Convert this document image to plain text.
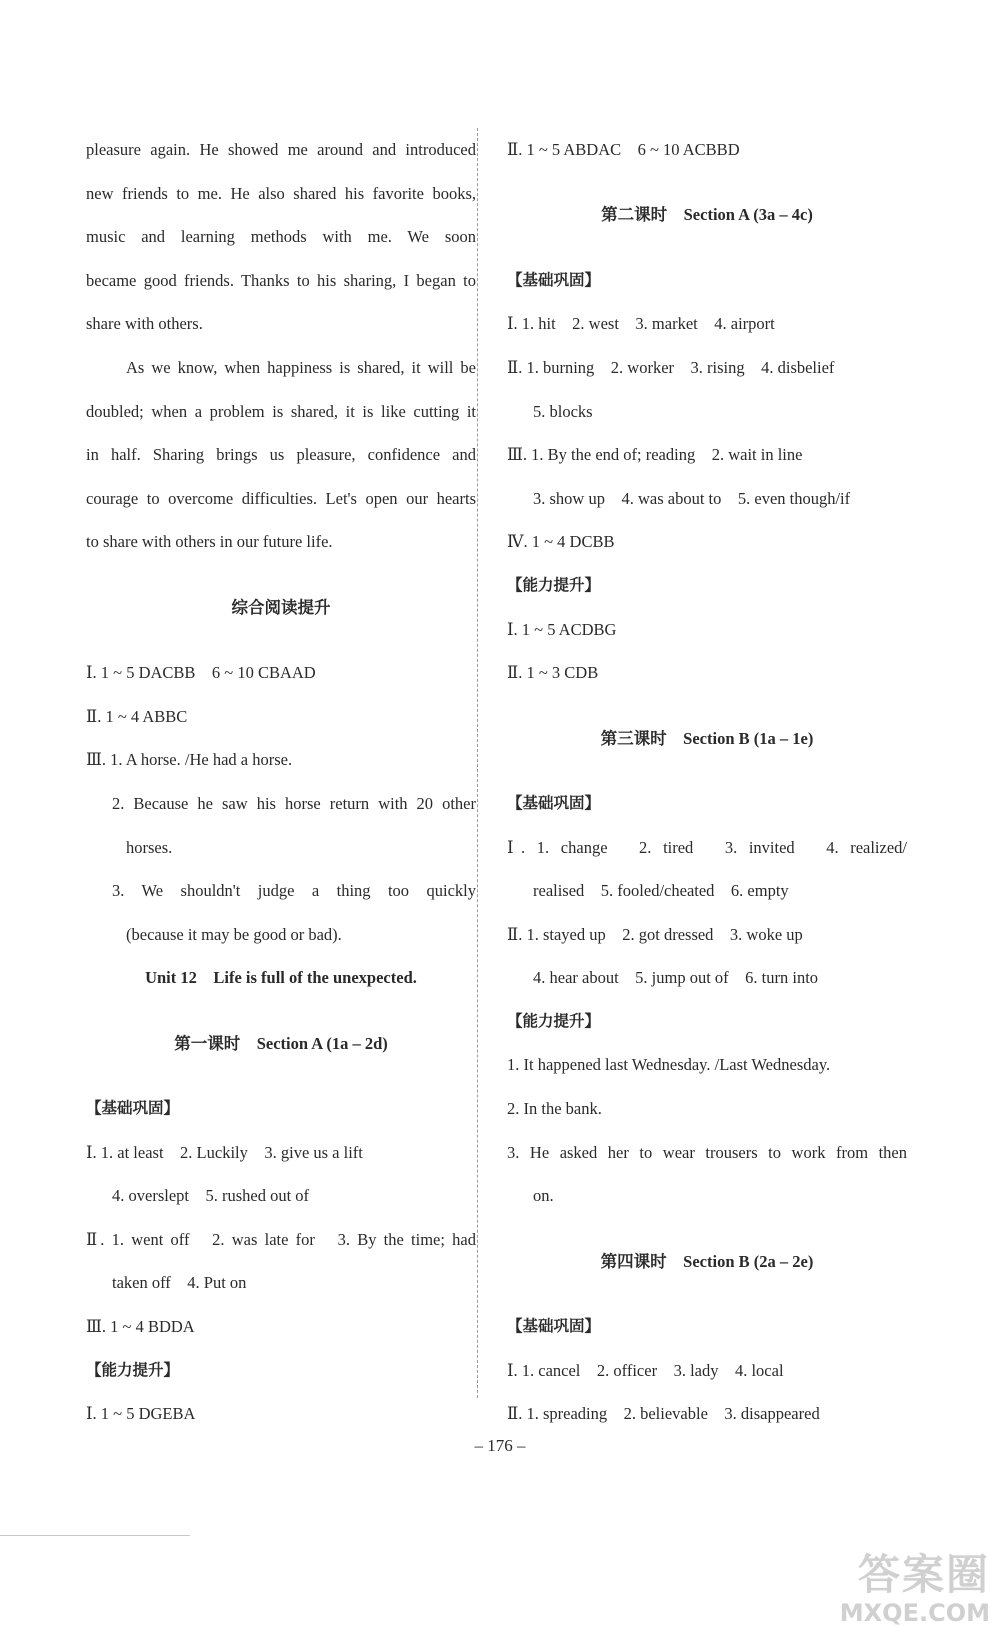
pleasure again. He showed me around and introduced
new friends to me. He also shared his favorite books,
music and learning methods with me. We soon
became good friends. Thanks to his sharing, I began to
share with others.
As we know, when happiness is shared, it will be
doubled; when a problem is shared, it is like cutting it
in half. Sharing brings us pleasure, confidence and
courage to overcome difficulties. Let's open our hearts
to share with others in our future life.
综合阅读提升
Ⅰ. 1 ~ 5 DACBB　6 ~ 10 CBAAD
Ⅱ. 1 ~ 4 ABBC
Ⅲ. 1. A horse. /He had a horse.
2. Because he saw his horse return with 20 other
horses.
3. We shouldn't judge a thing too quickly
(because it may be good or bad).
Unit 12　Life is full of the unexpected.
第一课时　Section A (1a – 2d)
【基础巩固】
Ⅰ. 1. at least　2. Luckily　3. give us a lift
4. overslept　5. rushed out of
Ⅱ. 1. went off　2. was late for　3. By the time; had
taken off　4. Put on
Ⅲ. 1 ~ 4 BDDA
【能力提升】
Ⅰ. 1 ~ 5 DGEBA
Ⅱ. 1 ~ 5 ABDAC　6 ~ 10 ACBBD
第二课时　Section A (3a – 4c)
【基础巩固】
Ⅰ. 1. hit　2. west　3. market　4. airport
Ⅱ. 1. burning　2. worker　3. rising　4. disbelief
5. blocks
Ⅲ. 1. By the end of; reading　2. wait in line
3. show up　4. was about to　5. even though/if
Ⅳ. 1 ~ 4 DCBB
【能力提升】
Ⅰ. 1 ~ 5 ACDBG
Ⅱ. 1 ~ 3 CDB
第三课时　Section B (1a – 1e)
【基础巩固】
Ⅰ. 1. change　2. tired　3. invited　4. realized/
realised　5. fooled/cheated　6. empty
Ⅱ. 1. stayed up　2. got dressed　3. woke up
4. hear about　5. jump out of　6. turn into
【能力提升】
1. It happened last Wednesday. /Last Wednesday.
2. In the bank.
3. He asked her to wear trousers to work from then
on.
第四课时　Section B (2a – 2e)
【基础巩固】
Ⅰ. 1. cancel　2. officer　3. lady　4. local
Ⅱ. 1. spreading　2. believable　3. disappeared
– 176 –
答案圈
MXQE.COM
